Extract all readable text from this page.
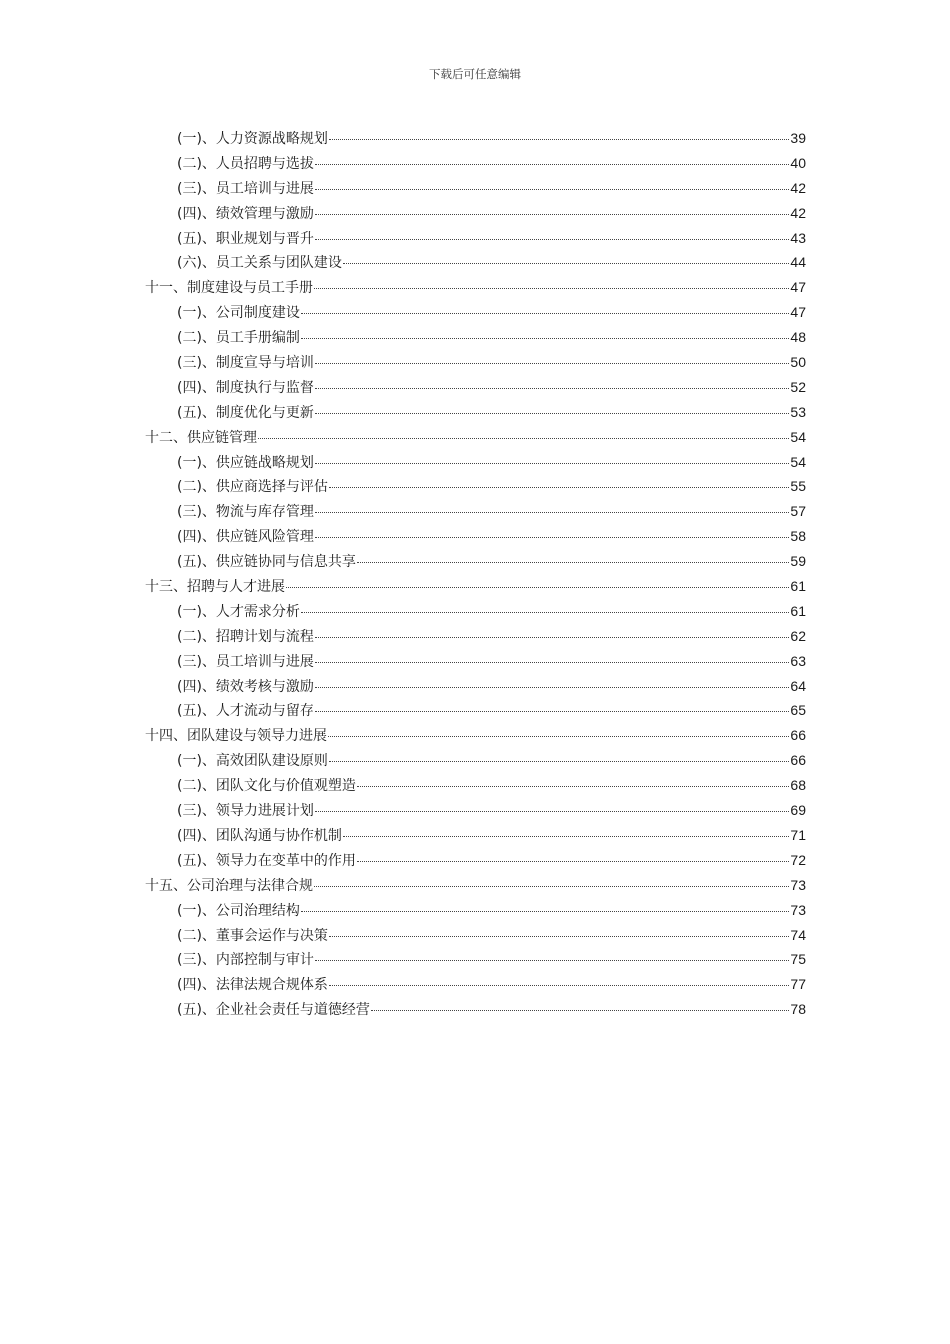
下载后可任意编辑
(一)、人力资源战略规划	39
(二)、人员招聘与选拔	40
(三)、员工培训与进展	42
(四)、绩效管理与激励	42
(五)、职业规划与晋升	43
(六)、员工关系与团队建设	44
十一、制度建设与员工手册	47
(一)、公司制度建设	47
(二)、员工手册编制	48
(三)、制度宣导与培训	50
(四)、制度执行与监督	52
(五)、制度优化与更新	53
十二、供应链管理	54
(一)、供应链战略规划	54
(二)、供应商选择与评估	55
(三)、物流与库存管理	57
(四)、供应链风险管理	58
(五)、供应链协同与信息共享	59
十三、招聘与人才进展	61
(一)、人才需求分析	61
(二)、招聘计划与流程	62
(三)、员工培训与进展	63
(四)、绩效考核与激励	64
(五)、人才流动与留存	65
十四、团队建设与领导力进展	66
(一)、高效团队建设原则	66
(二)、团队文化与价值观塑造	68
(三)、领导力进展计划	69
(四)、团队沟通与协作机制	71
(五)、领导力在变革中的作用	72
十五、公司治理与法律合规	73
(一)、公司治理结构	73
(二)、董事会运作与决策	74
(三)、内部控制与审计	75
(四)、法律法规合规体系	77
(五)、企业社会责任与道德经营	78
